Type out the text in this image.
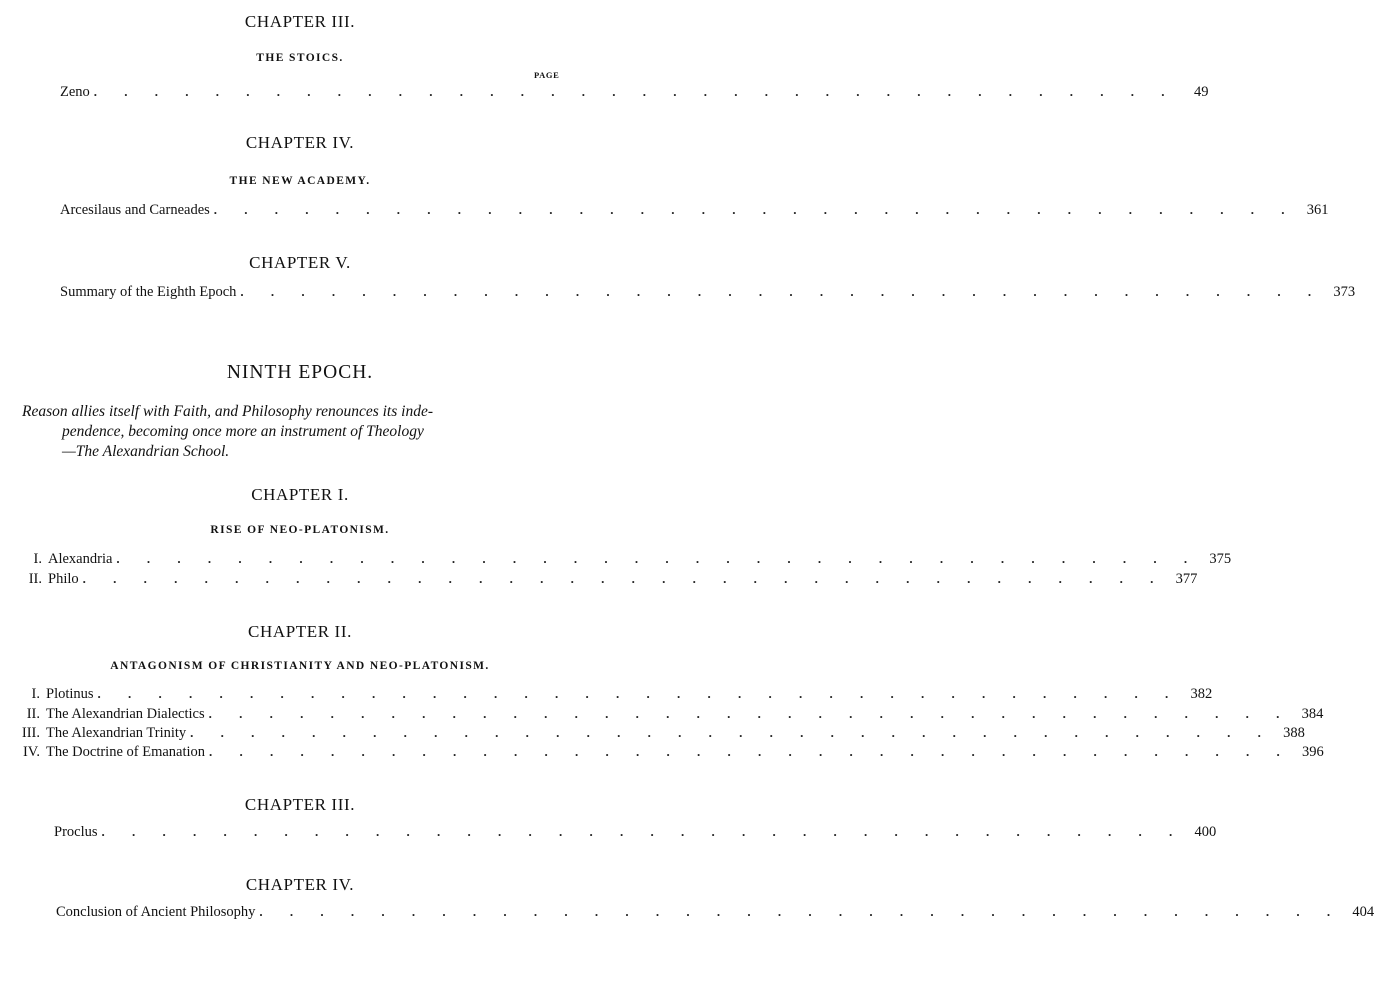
CHAPTER III.
THE STOICS.
PAGE
Zeno . . . . . . . . . . . . . . . . . . . . . . . . . . . . . . . . . . . .	49
CHAPTER IV.
THE NEW ACADEMY.
Arcesilaus and Carneades . . . . . . . . . . . . . . . . . . . . . . . . . . . . . . . . . . . . 361
CHAPTER V.
Summary of the Eighth Epoch . . . . . . . . . . . . . . . . . . . . . . . . . . . . . . . . . . . . 373
NINTH EPOCH.
Reason allies itself with Faith, and Philosophy renounces its inde-
pendence, becoming once more an instrument of Theology
—The Alexandrian School.
CHAPTER I.
RISE OF NEO-PLATONISM.
I. Alexandria . . . . . . . . . . . . . . . . . . . . . . . . . . . . . . . . . . . . 375
II. Philo . . . . . . . . . . . . . . . . . . . . . . . . . . . . . . . . . . . . 377
CHAPTER II.
ANTAGONISM OF CHRISTIANITY AND NEO-PLATONISM.
I. Plotinus . . . . . . . . . . . . . . . . . . . . . . . . . . . . . . . . . . . . 382
II. The Alexandrian Dialectics . . . . . . . . . . . . . . . . . . . . . . . . . . . . . . . . . . . . 384
III. The Alexandrian Trinity . . . . . . . . . . . . . . . . . . . . . . . . . . . . . . . . . . . . 388
IV. The Doctrine of Emanation . . . . . . . . . . . . . . . . . . . . . . . . . . . . . . . . . . . . 396
CHAPTER III.
Proclus . . . . . . . . . . . . . . . . . . . . . . . . . . . . . . . . . . . . 400
CHAPTER IV.
Conclusion of Ancient Philosophy . . . . . . . . . . . . . . . . . . . . . . . . . . . . . . . . . . . . 404
